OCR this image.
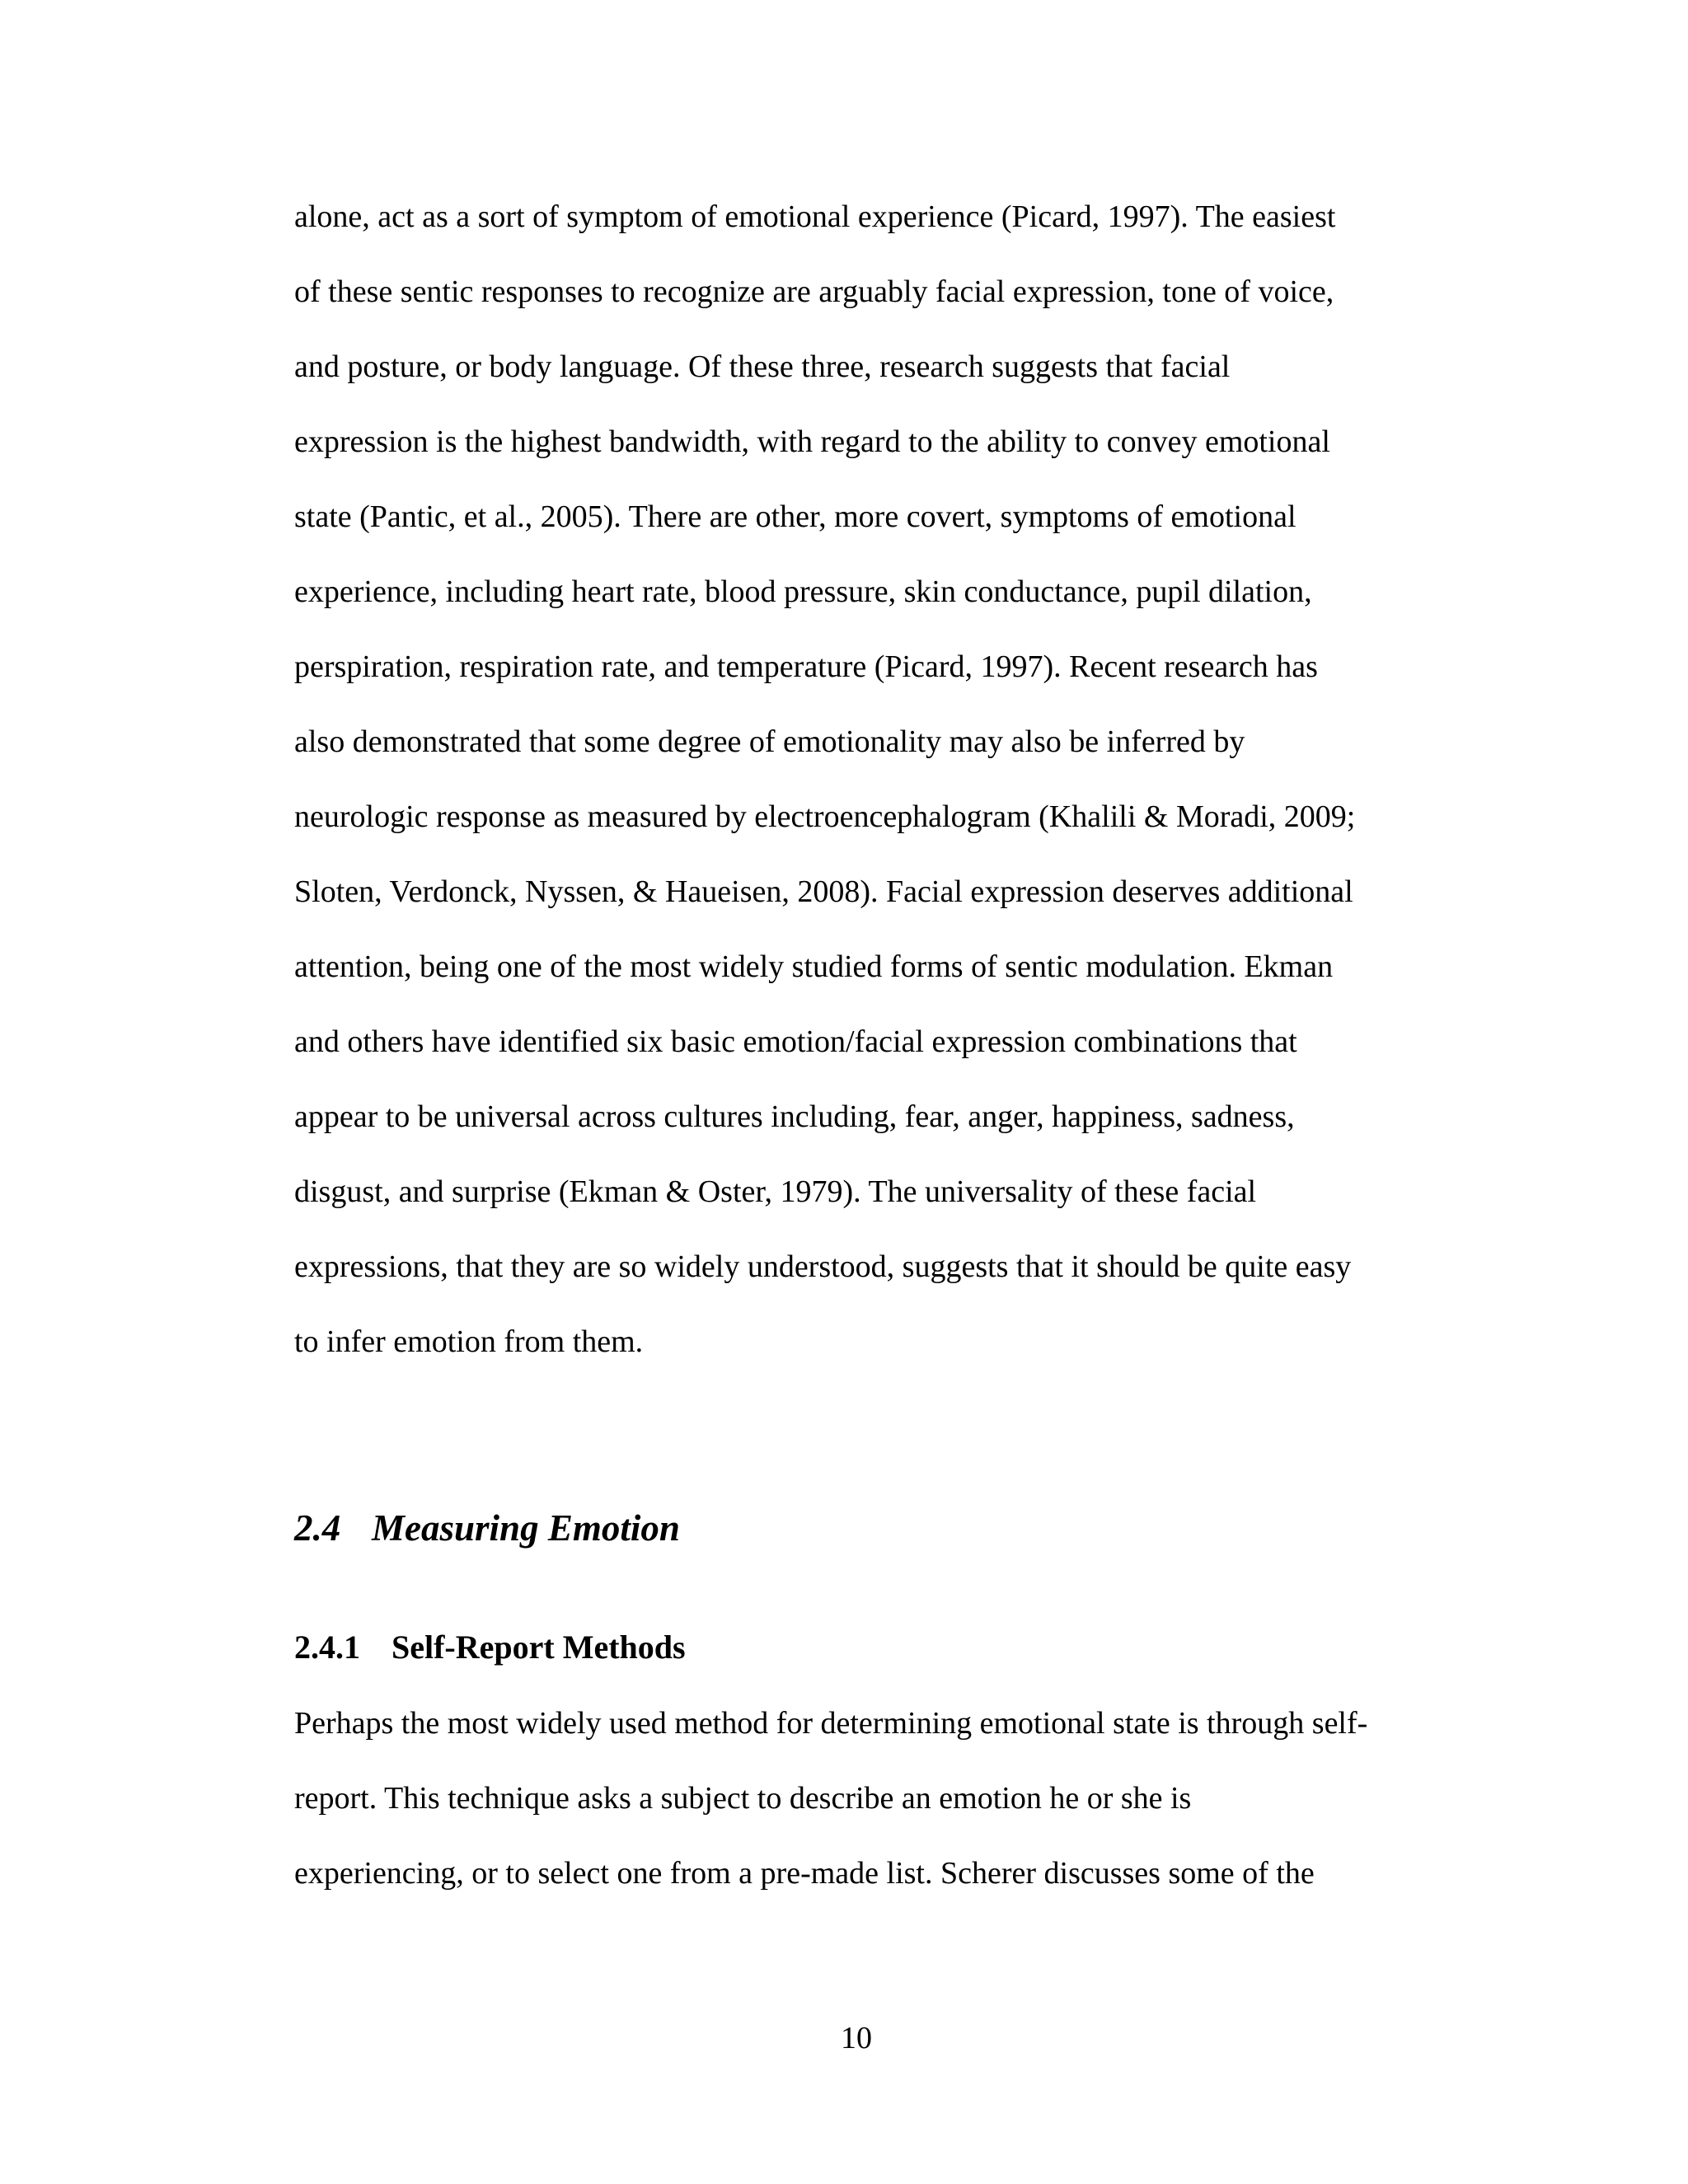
alone, act as a sort of symptom of emotional experience (Picard, 1997). The easiest
of these sentic responses to recognize are arguably facial expression, tone of voice,
and posture, or body language. Of these three, research suggests that facial
expression is the highest bandwidth, with regard to the ability to convey emotional
state (Pantic, et al., 2005). There are other, more covert, symptoms of emotional
experience, including heart rate, blood pressure, skin conductance, pupil dilation,
perspiration, respiration rate, and temperature (Picard, 1997). Recent research has
also demonstrated that some degree of emotionality may also be inferred by
neurologic response as measured by electroencephalogram (Khalili & Moradi, 2009;
Sloten, Verdonck, Nyssen, & Haueisen, 2008). Facial expression deserves additional
attention, being one of the most widely studied forms of sentic modulation. Ekman
and others have identified six basic emotion/facial expression combinations that
appear to be universal across cultures including, fear, anger, happiness, sadness,
disgust, and surprise (Ekman & Oster, 1979). The universality of these facial
expressions, that they are so widely understood, suggests that it should be quite easy
to infer emotion from them.
2.4 Measuring Emotion
2.4.1 Self-Report Methods
Perhaps the most widely used method for determining emotional state is through self-
report. This technique asks a subject to describe an emotion he or she is
experiencing, or to select one from a pre-made list. Scherer discusses some of the
10
